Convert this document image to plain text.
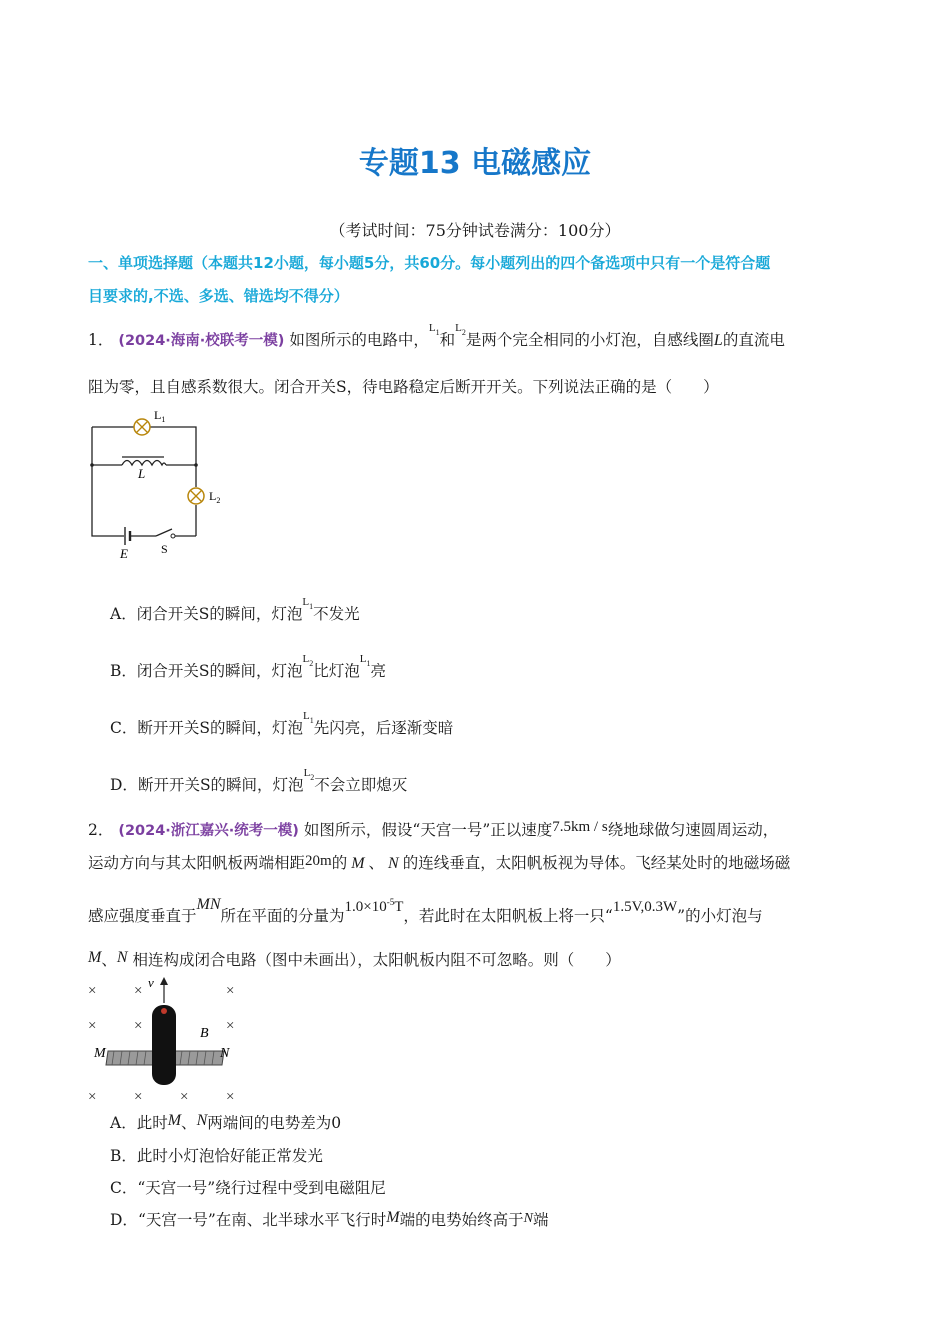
专题13 电磁感应
（考试时间：75分钟试卷满分：100分）
一、单项选择题（本题共12小题，每小题5分，共60分。每小题列出的四个备选项中只有一个是符合题
目要求的,不选、多选、错选均不得分）
1． (2024·海南·校联考一模) 如图所示的电路中，$^{L_1}$和$^{L_2}$是两个完全相同的小灯泡，自感线圈L的直流电
阻为零，且自感系数很大。闭合开关S，待电路稳定后断开开关。下列说法正确的是（　　）
$L_1$
L
$L_2$
E	S
A．闭合开关S的瞬间，灯泡$^{L_1}$不发光
B．闭合开关S的瞬间，灯泡$^{L_2}$比灯泡$^{L_1}$亮
C．断开开关S的瞬间，灯泡$^{L_1}$先闪亮，后逐渐变暗
D．断开开关S的瞬间，灯泡$^{L_2}$不会立即熄灭
2． (2024·浙江嘉兴·统考一模) 如图所示，假设“天宫一号”正以速度7.5km / s绕地球做匀速圆周运动，
运动方向与其太阳帆板两端相距20m的 M 、 N 的连线垂直，太阳帆板视为导体。飞经某处时的地磁场磁
感应强度垂直于MN所在平面的分量为$1.0\times 10^{-5}T$，若此时在太阳帆板上将一只“1.5V,0.3W”的小灯泡与
M、N 相连构成闭合电路（图中未画出），太阳帆板内阻不可忽略。则（　　）
×	×	×
×	×	×
×	×	×	×
v
B
M	N
A．此时M、N两端间的电势差为0
B．此时小灯泡恰好能正常发光
C．“天宫一号”绕行过程中受到电磁阻尼
D．“天宫一号”在南、北半球水平飞行时M端的电势始终高于N端
